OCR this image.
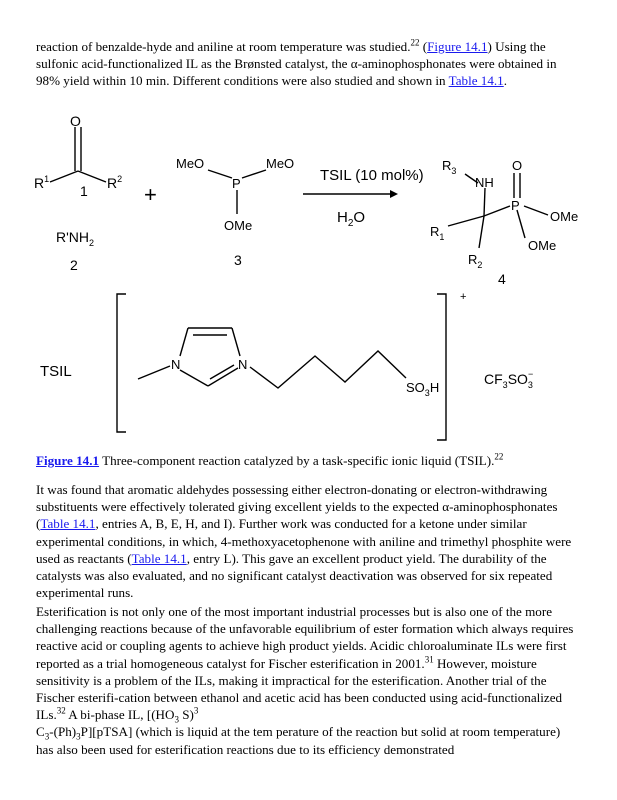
reaction of benzalde-hyde and aniline at room temperature was studied.$^{22}$ (Figure 14.1) Using the sulfonic acid-functionalized IL as the Brønsted catalyst, the α-aminophosphonates were obtained in 98% yield within 10 min. Different conditions were also studied and shown in Table 14.1.

O
$R^1$	$R^2$
1	+
$R'NH_2$
2
MeO	MeO
P
OMe
3
TSIL (10 mol%)
$H_2O$
$R_3$
NH
O
P
OMe
OMe
$R_1$
$R_2$
4
TSIL	N	N
$SO_3H$
+
$CF_3SO_3-$
Figure 14.1 Three-component reaction catalyzed by a task-specific ionic liquid (TSIL).$^{22}$

It was found that aromatic aldehydes possessing either electron-donating or electron-withdrawing substituents were effectively tolerated giving excellent yields to the expected α-aminophosphonates (Table 14.1, entries A, B, E, H, and I). Further work was conducted for a ketone under similar experimental conditions, in which, 4-methoxyacetophenone with aniline and trimethyl phosphite were used as reactants (Table 14.1, entry L). This gave an excellent product yield. The durability of the catalysts was also evaluated, and no significant catalyst deactivation was observed for six repeated experimental runs.

Esterification is not only one of the most important industrial processes but is also one of the more challenging reactions because of the unfavorable equilibrium of ester formation which always requires reactive acid or coupling agents to achieve high product yields. Acidic chloroaluminate ILs were first reported as a trial homogeneous catalyst for Fischer esterification in 2001.31 However, moisture sensitivity is a problem of the ILs, making it impractical for the esterification. Another trial of the Fischer esterifi-cation between ethanol and acetic acid has been conducted using acid-functionalized ILs.$^{32}$ A bi-phase IL, [($HO_3$ S)$^3$
$C_3-(Ph)_3P][pTSA]$ (which is liquid at the tem perature of the reaction but solid at room temperature) has also been used for esterification reactions due to its efficiency demonstrated
